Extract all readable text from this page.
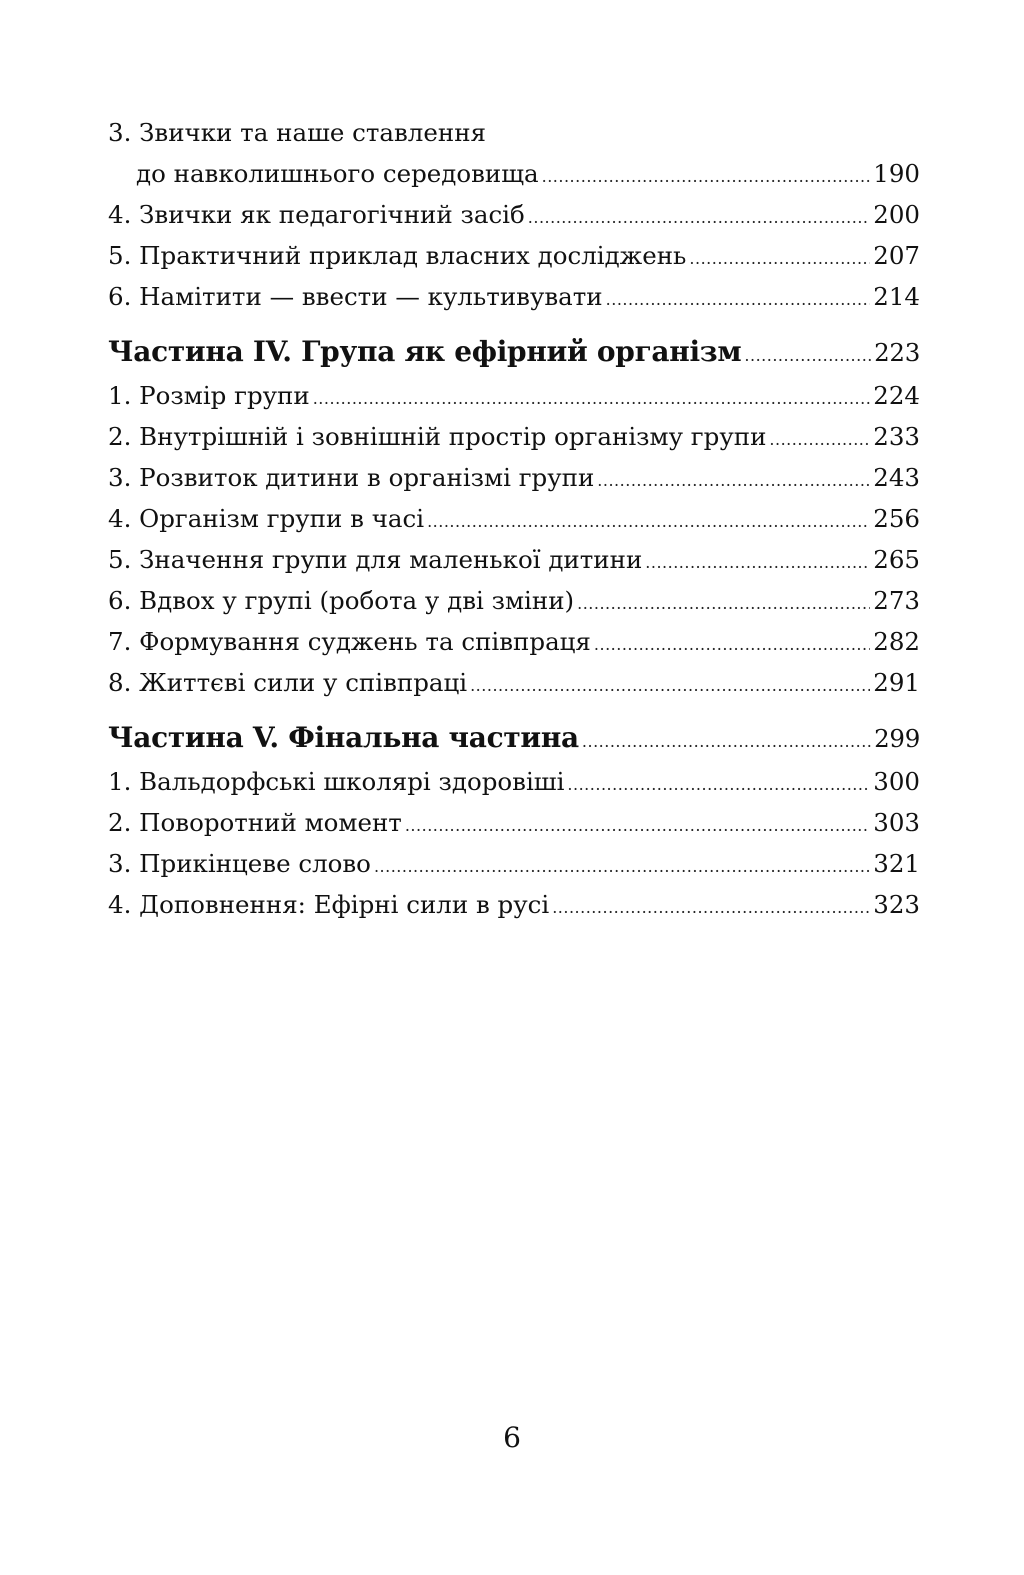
3. Звички та наше ставлення
до навколишнього середовища .....	190
4. Звички як педагогічний засіб .....	200
5. Практичний приклад власних досліджень .....	207
6. Намітити — ввести — культивувати .....	214
Частина IV. Група як ефірний організм .....	223
1. Розмір групи .....	224
2. Внутрішній і зовнішній простір організму групи .....	233
3. Розвиток дитини в організмі групи .....	243
4. Організм групи в часі .....	256
5. Значення групи для маленької дитини .....	265
6. Вдвох у групі (робота у дві зміни) .....	273
7. Формування суджень та співпраця .....	282
8. Життєві сили у співпраці .....	291
Частина V. Фінальна частина .....	299
1. Вальдорфські школярі здоровіші .....	300
2. Поворотний момент .....	303
3. Прикінцеве слово .....	321
4. Доповнення: Ефірні сили в русі .....	323
6
